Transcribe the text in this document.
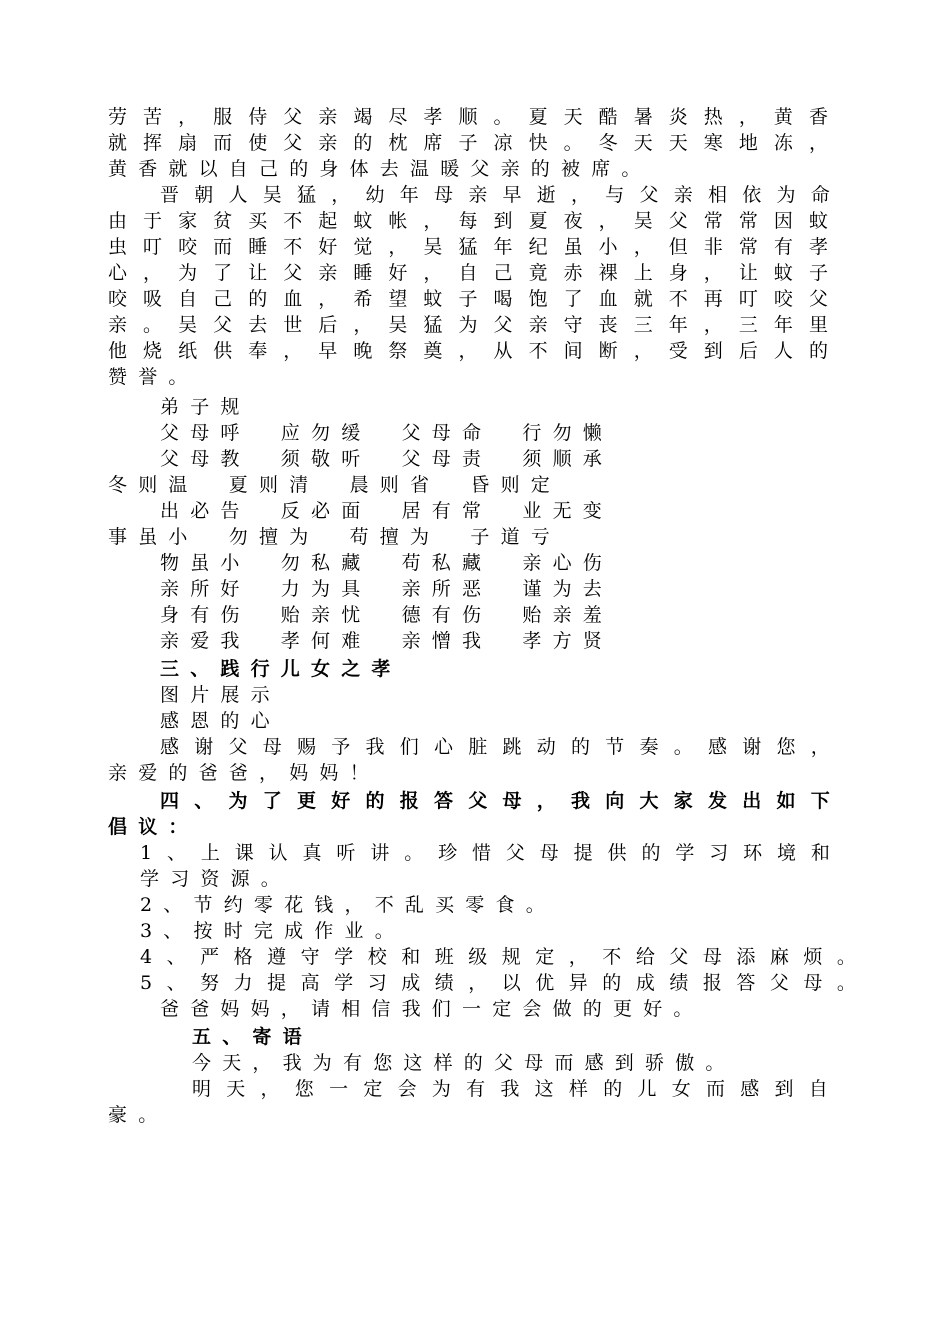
劳 苦 ， 服 侍 父 亲 竭 尽 孝 顺 。 夏 天 酷 暑 炎 热 ， 黄 香
就 挥 扇 而 使 父 亲 的 枕 席 子 凉 快 。 冬 天 天 寒 地 冻 ，
黄香就以自己的身体去温暖父亲的被席。
晋 朝 人 吴 猛 ， 幼 年 母 亲 早 逝 ， 与 父 亲 相 依 为 命
由 于 家 贫 买 不 起 蚊 帐 ， 每 到 夏 夜 ， 吴 父 常 常 因 蚊
虫 叮 咬 而 睡 不 好 觉 ， 吴 猛 年 纪 虽 小 ， 但 非 常 有 孝
心 ， 为 了 让 父 亲 睡 好 ， 自 己 竟 赤 裸 上 身 ， 让 蚊 子
咬 吸 自 己 的 血 ， 希 望 蚊 子 喝 饱 了 血 就 不 再 叮 咬 父
亲 。 吴 父 去 世 后 ， 吴 猛 为 父 亲 守 丧 三 年 ， 三 年 里
他 烧 纸 供 奉 ， 早 晚 祭 奠 ， 从 不 间 断 ， 受 到 后 人 的
赞誉。
弟子规
父母呼　应勿缓　父母命　行勿懒
父母教　须敬听　父母责　须顺承
冬则温　夏则清　晨则省　昏则定
出必告　反必面　居有常　业无变
事虽小　勿擅为　苟擅为　子道亏
物虽小　勿私藏　苟私藏　亲心伤
亲所好　力为具　亲所恶　谨为去
身有伤　贻亲忧　德有伤　贻亲羞
亲爱我　孝何难　亲憎我　孝方贤
三、践行儿女之孝
图片展示
感恩的心
感 谢 父 母 赐 予 我 们 心 脏 跳 动 的 节 奏 。 感 谢 您 ，
亲爱的爸爸，妈妈！
四 、 为 了 更 好 的 报 答 父 母 ， 我 向 大 家 发 出 如 下
倡议：
1 、 上 课 认 真 听 讲 。 珍 惜 父 母 提 供 的 学 习 环 境 和
学习资源。
2、节约零花钱，不乱买零食。
3、按时完成作业。
4 、 严 格 遵 守 学 校 和 班 级 规 定 ， 不 给 父 母 添 麻 烦 。
5 、 努 力 提 高 学 习 成 绩 ， 以 优 异 的 成 绩 报 答 父 母 。
爸爸妈妈，请相信我们一定会做的更好。
五、寄语
今天，我为有您这样的父母而感到骄傲。
明 天 ， 您 一 定 会 为 有 我 这 样 的 儿 女 而 感 到 自
豪。
